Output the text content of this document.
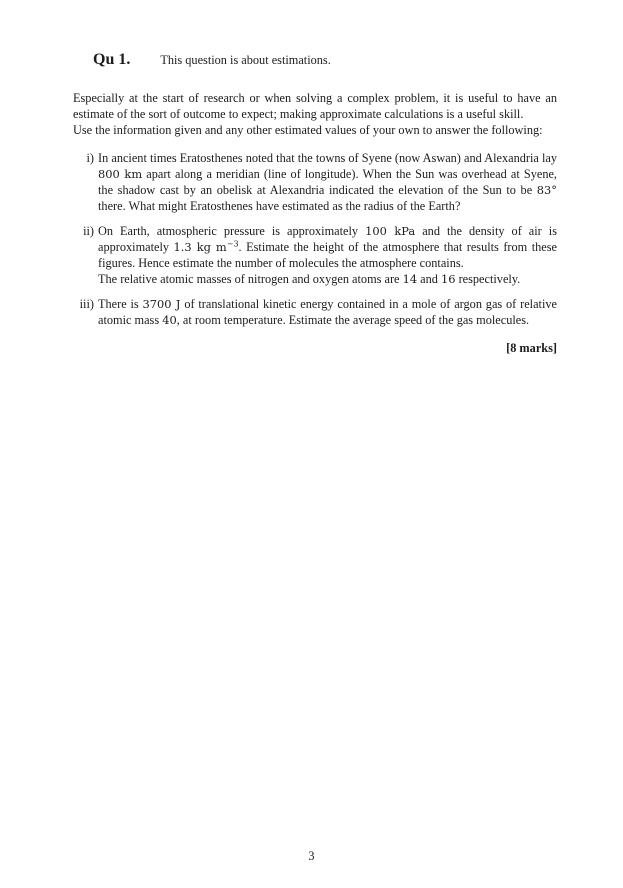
Qu 1. This question is about estimations.

Especially at the start of research or when solving a complex problem, it is useful to have an estimate of the sort of outcome to expect; making approximate calculations is a useful skill.

Use the information given and any other estimated values of your own to answer the following:

i) In ancient times Eratosthenes noted that the towns of Syene (now Aswan) and Alexandria lay 800 km apart along a meridian (line of longitude). When the Sun was overhead at Syene, the shadow cast by an obelisk at Alexandria indicated the elevation of the Sun to be 83° there. What might Eratosthenes have estimated as the radius of the Earth?
ii) On Earth, atmospheric pressure is approximately 100 kPa and the density of air is approximately 1.3 kg $m^{-3}$. Estimate the height of the atmosphere that results from these figures. Hence estimate the number of molecules the atmosphere contains.
The relative atomic masses of nitrogen and oxygen atoms are 14 and 16 respectively.
iii) There is 3700 J of translational kinetic energy contained in a mole of argon gas of relative atomic mass 40, at room temperature. Estimate the average speed of the gas molecules.
[8 marks]
3
